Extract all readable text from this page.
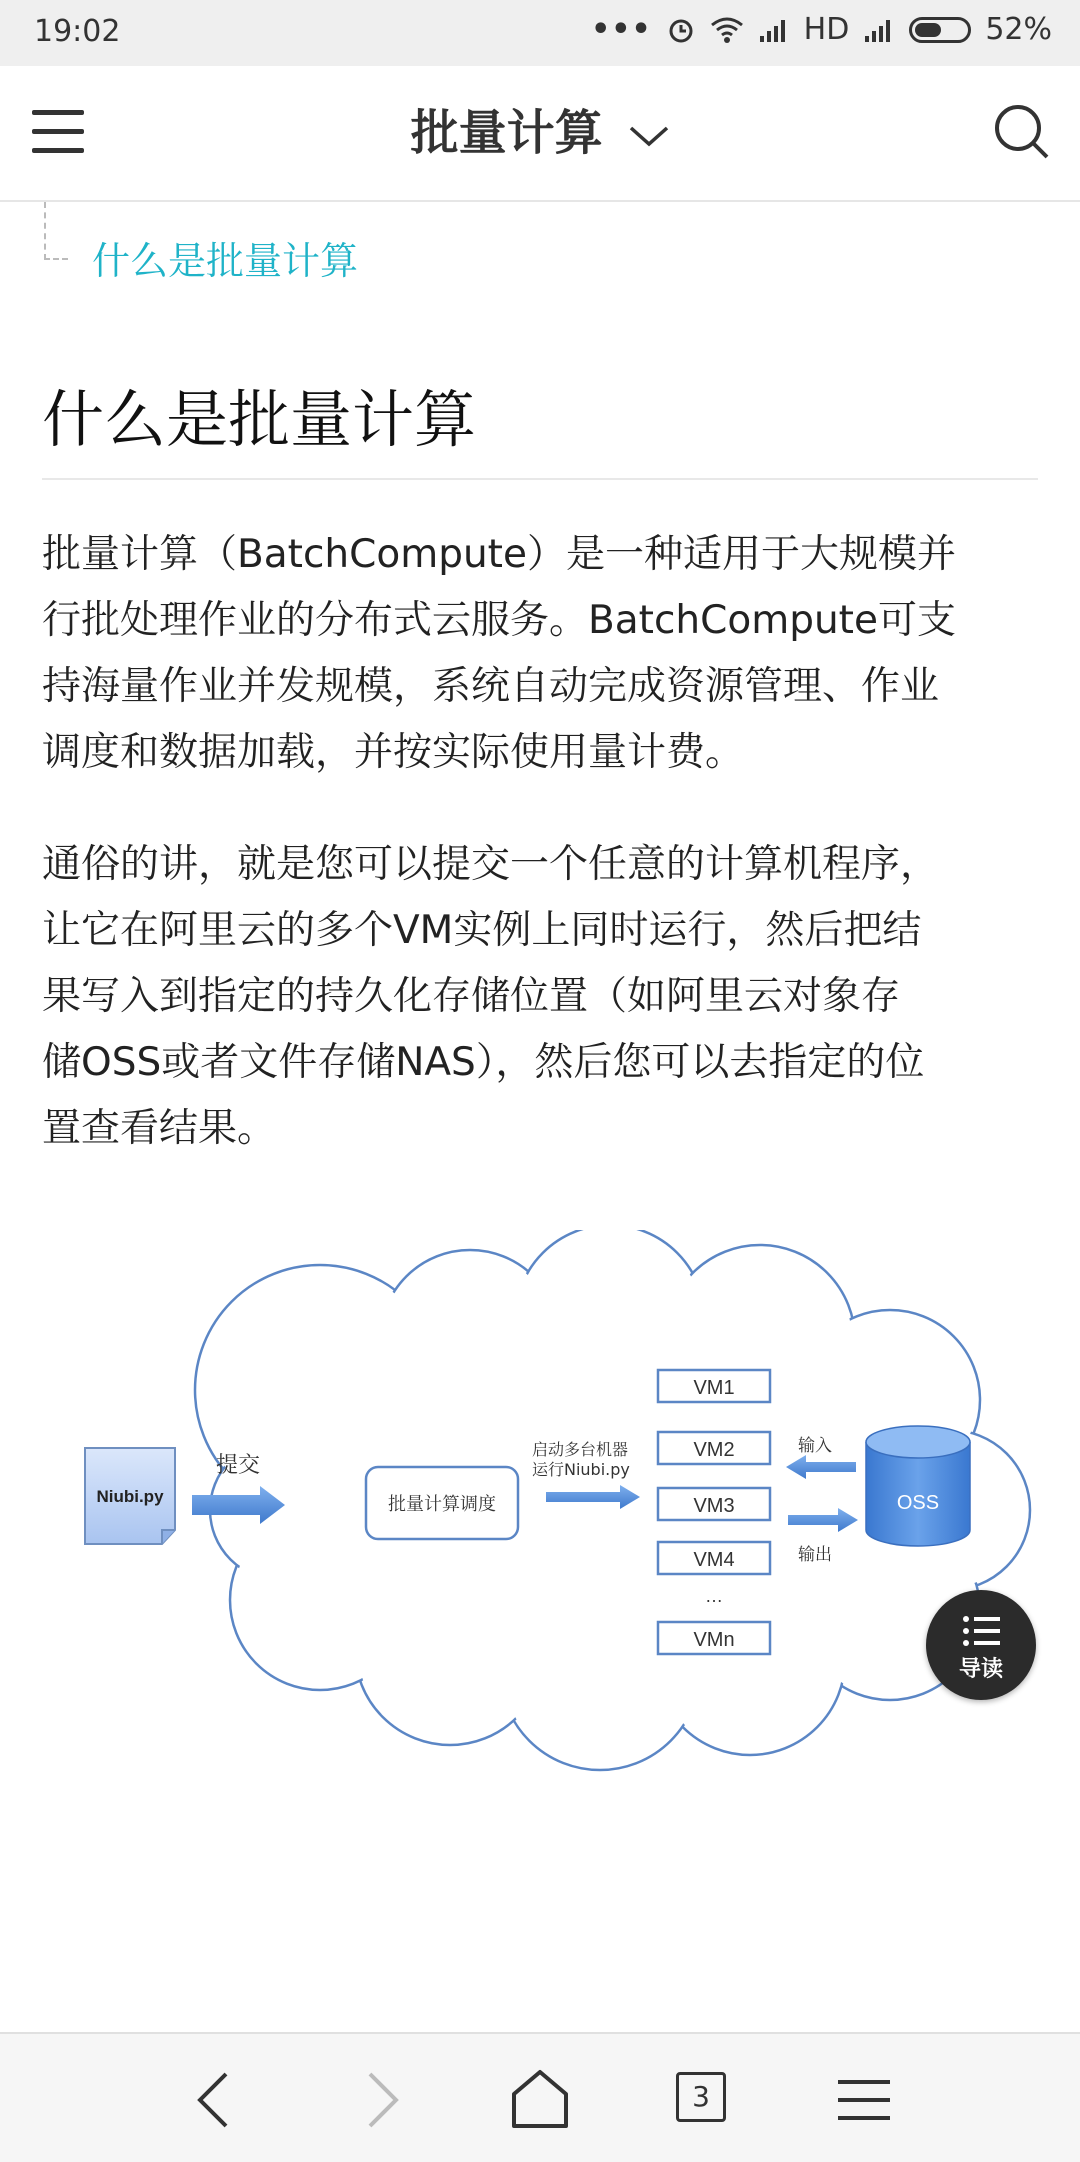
19:02	•••	HD	52%
批量计算
什么是批量计算
什么是批量计算
批量计算（BatchCompute）是一种适用于大规模并
行批处理作业的分布式云服务。BatchCompute可支
持海量作业并发规模，系统自动完成资源管理、作业
调度和数据加载，并按实际使用量计费。
通俗的讲，就是您可以提交一个任意的计算机程序，
让它在阿里云的多个VM实例上同时运行，然后把结
果写入到指定的持久化存储位置（如阿里云对象存
储OSS或者文件存储NAS），然后您可以去指定的位
置查看结果。
Niubi.py
提交
批量计算调度
启动多台机器
运行Niubi.py
VM1
VM2
VM3
VM4
…
VMn
输入
输出
OSS
导读
3
